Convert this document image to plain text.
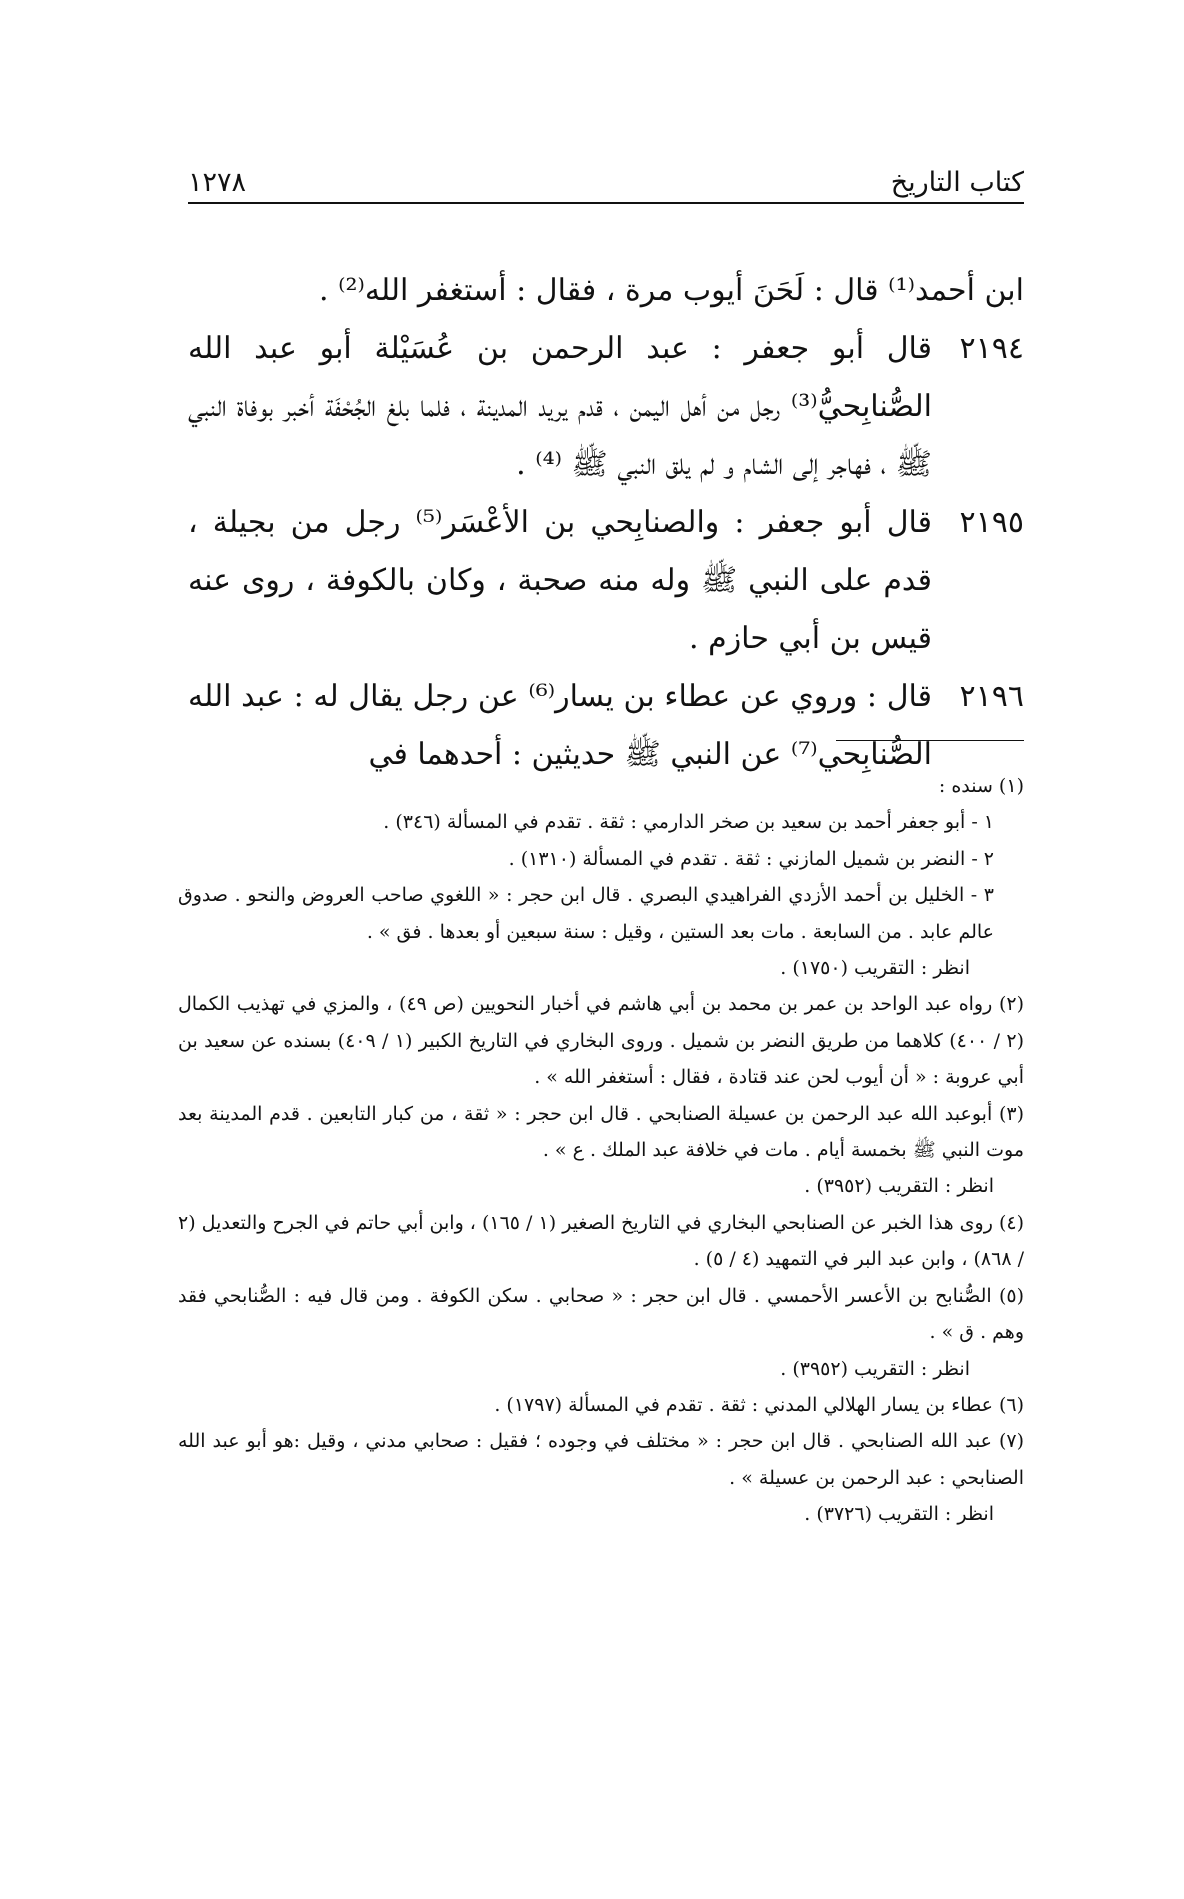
كتاب التاريخ
١٢٧٨
ابن أحمد⁽¹⁾ قال : لَحَنَ أيوب مرة ، فقال : أستغفر الله⁽²⁾ .
٢١٩٤
قال أبو جعفر : عبد الرحمن بن عُسَيْلة أبو عبد الله الصُّنابِحيُّ⁽³⁾ رجل من أهل اليمن ، قدم يريد المدينة ، فلما بلغ الجُحْفَة أخبر بوفاة النبي ﷺ ، فهاجر إلى الشام و لم يلق النبي ﷺ ⁽⁴⁾ .
٢١٩٥
قال أبو جعفر : والصنابِحي بن الأعْسَر⁽⁵⁾ رجل من بجيلة ، قدم على النبي ﷺ وله منه صحبة ، وكان بالكوفة ، روى عنه قيس بن أبي حازم .
٢١٩٦
قال : وروي عن عطاء بن يسار⁽⁶⁾ عن رجل يقال له : عبد الله الصُّنابِحي⁽⁷⁾ عن النبي ﷺ حديثين : أحدهما في

(١) سنده :

١ - أبو جعفر أحمد بن سعيد بن صخر الدارمي : ثقة . تقدم في المسألة (٣٤٦) .

٢ - النضر بن شميل المازني : ثقة . تقدم في المسألة (١٣١٠) .

٣ - الخليل بن أحمد الأزدي الفراهيدي البصري . قال ابن حجر : « اللغوي صاحب العروض والنحو . صدوق عالم عابد . من السابعة . مات بعد الستين ، وقيل : سنة سبعين أو بعدها . فق » .

انظر : التقريب (١٧٥٠) .

(٢) رواه عبد الواحد بن عمر بن محمد بن أبي هاشم في أخبار النحويين (ص ٤٩) ، والمزي في تهذيب الكمال (٢ / ٤٠٠) كلاهما من طريق النضر بن شميل . وروى البخاري في التاريخ الكبير (١ / ٤٠٩) بسنده عن سعيد بن أبي عروبة : « أن أيوب لحن عند قتادة ، فقال : أستغفر الله » .

(٣) أبوعبد الله عبد الرحمن بن عسيلة الصنابحي . قال ابن حجر : « ثقة ، من كبار التابعين . قدم المدينة بعد موت النبي ﷺ بخمسة أيام . مات في خلافة عبد الملك . ع » .

انظر : التقريب (٣٩٥٢) .

(٤) روى هذا الخبر عن الصنابحي البخاري في التاريخ الصغير (١ / ١٦٥) ، وابن أبي حاتم في الجرح والتعديل (٢ / ٨٦٨) ، وابن عبد البر في التمهيد (٤ / ٥) .

(٥) الصُّنابح بن الأعسر الأحمسي . قال ابن حجر : « صحابي . سكن الكوفة . ومن قال فيه : الصُّنابحي فقد وهم . ق » .

انظر : التقريب (٣٩٥٢) .

(٦) عطاء بن يسار الهلالي المدني : ثقة . تقدم في المسألة (١٧٩٧) .

(٧) عبد الله الصنابحي . قال ابن حجر : « مختلف في وجوده ؛ فقيل : صحابي مدني ، وقيل :هو أبو عبد الله الصنابحي : عبد الرحمن بن عسيلة » .

انظر : التقريب (٣٧٢٦) .
